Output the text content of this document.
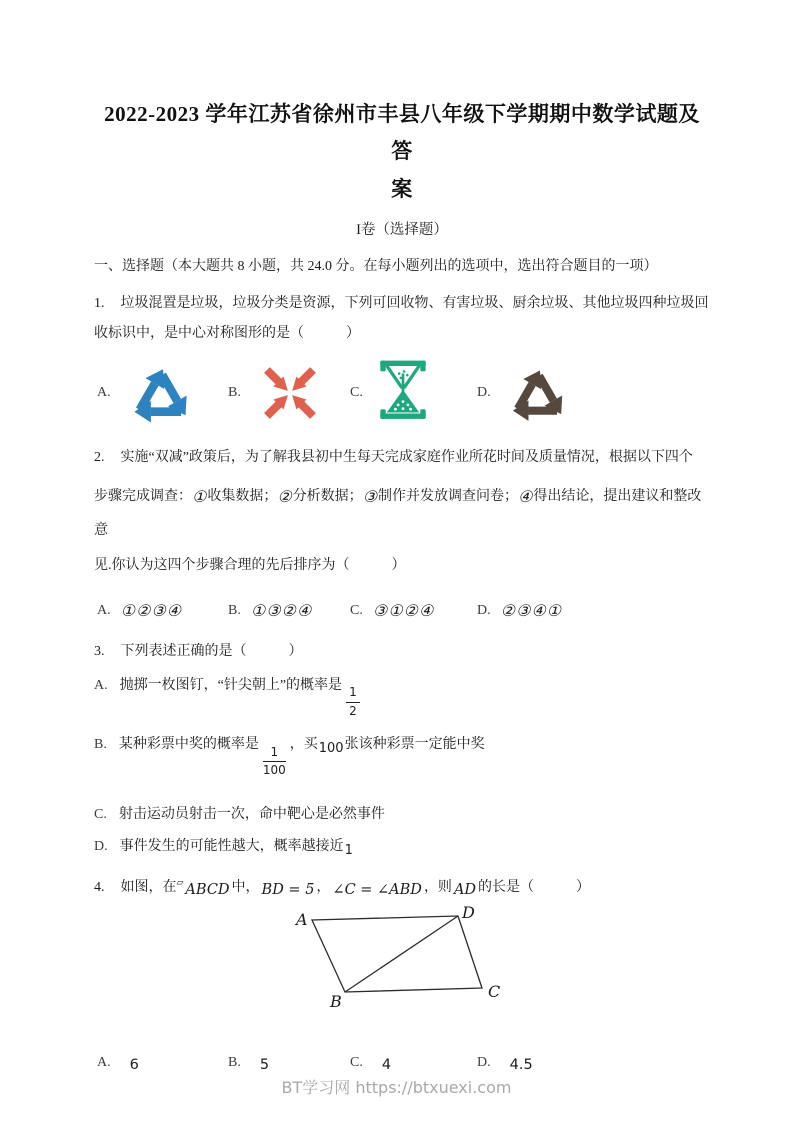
2022-2023 学年江苏省徐州市丰县八年级下学期期中数学试题及答
案

I卷（选择题）

一、选择题（本大题共 8 小题，共 24.0 分。在每小题列出的选项中，选出符合题目的一项）

1. 垃圾混置是垃圾，垃圾分类是资源，下列可回收物、有害垃圾、厨余垃圾、其他垃圾四种垃圾回
收标识中，是中心对称图形的是（　　　）

A.	B.	C.	D.

2. 实施“双减”政策后，为了解我县初中生每天完成家庭作业所花时间及质量情况，根据以下四个
步骤完成调查：①收集数据；②分析数据；③制作并发放调查问卷；④得出结论，提出建议和整改意
见.你认为这四个步骤合理的先后排序为（　　　）

A. ①②③④	B. ①③②④	C. ③①②④	D. ②③④①

3. 下列表述正确的是（　　　）

A. 抛掷一枚图钉，“针尖朝上”的概率是 $\frac{1}{2}$

B. 某种彩票中奖的概率是 $\frac{1}{100}$ ，买100张该种彩票一定能中奖

C. 射击运动员射击一次，命中靶心是必然事件

D. 事件发生的可能性越大，概率越接近1

4. 如图，在▱ ABCD 中， BD = 5 ， ∠C = ∠ABD ，则 AD 的长是（　　　）

A	D
B
C
A. 6	B. 5	C. 4	D. 4.5
BT学习网 https://btxuexi.com
